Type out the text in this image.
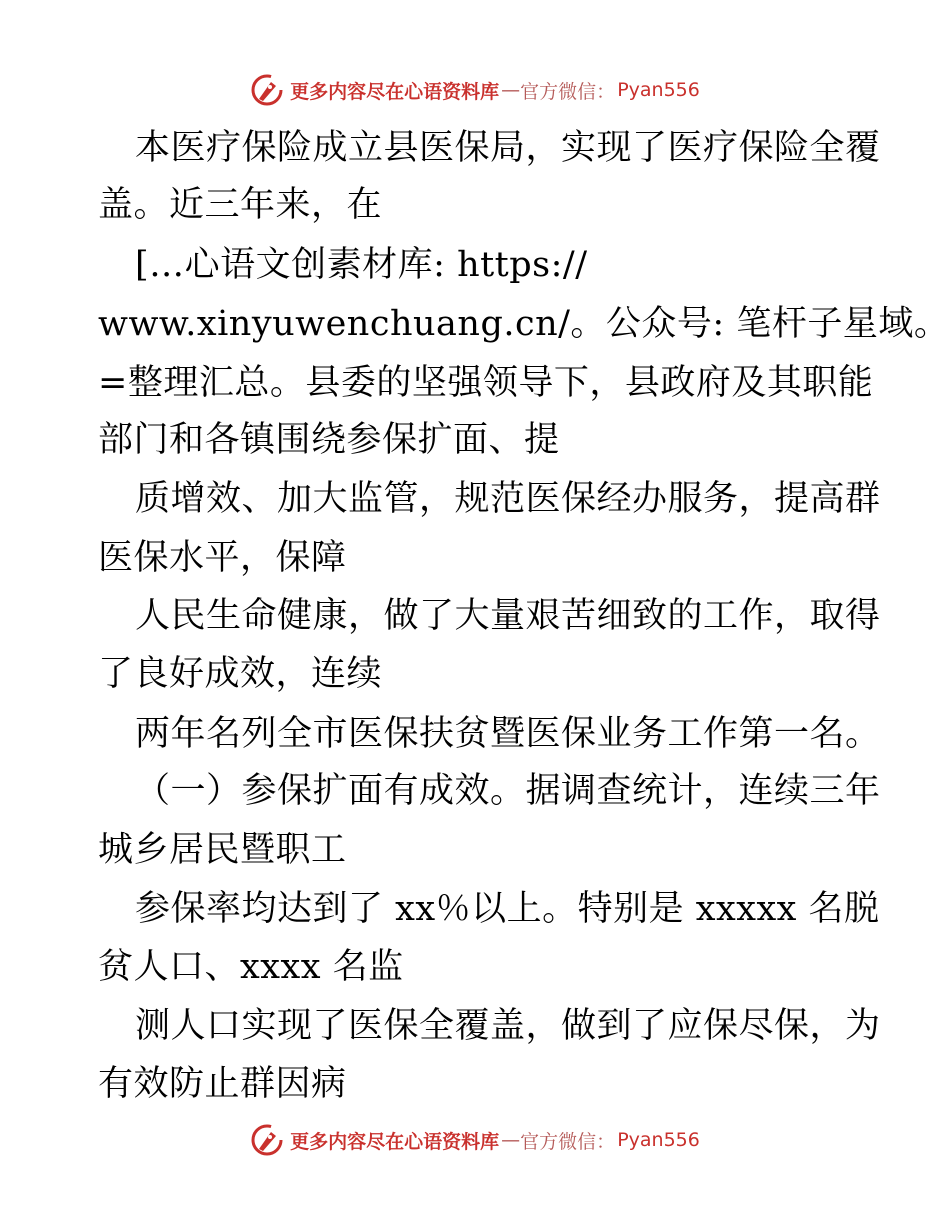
更多内容尽在心语资料库 — 官方微信： Pyan556
本医疗保险成立县医保局，实现了医疗保险全覆
盖。近三年来，在
[…心语文创素材库: https://
www.xinyuwenchuang.cn/。公众号: 笔杆子星域。
=整理汇总。县委的坚强领导下，县政府及其职能
部门和各镇围绕参保扩面、提
质增效、加大监管，规范医保经办服务，提高群
医保水平，保障
人民生命健康，做了大量艰苦细致的工作，取得
了良好成效，连续
两年名列全市医保扶贫暨医保业务工作第一名。
（一）参保扩面有成效。据调查统计，连续三年
城乡居民暨职工
参保率均达到了 xx％以上。特别是 xxxxx 名脱
贫人口、xxxx 名监
测人口实现了医保全覆盖，做到了应保尽保，为
有效防止群因病
更多内容尽在心语资料库 — 官方微信： Pyan556
